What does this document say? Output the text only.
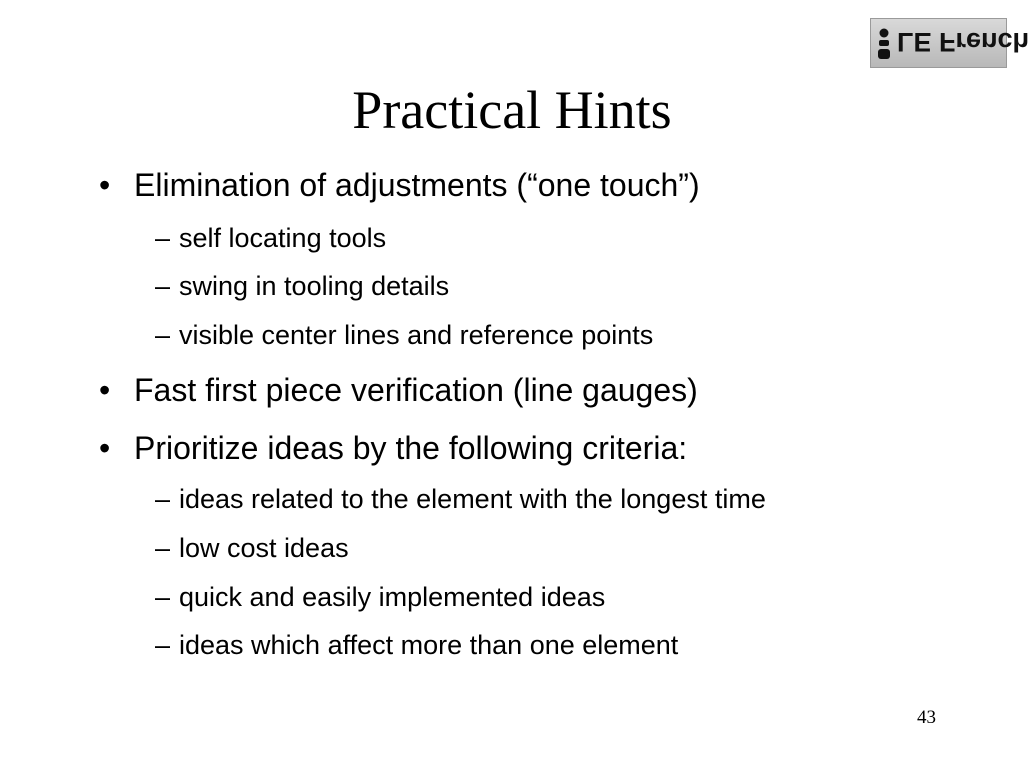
LE French
Practical Hints
• Elimination of adjustments (“one touch”)
– self locating tools
– swing in tooling details
– visible center lines and reference points
• Fast first piece verification (line gauges)
• Prioritize ideas by the following criteria:
– ideas related to the element with the longest time
– low cost ideas
– quick and easily implemented ideas
– ideas which affect more than one element
43
